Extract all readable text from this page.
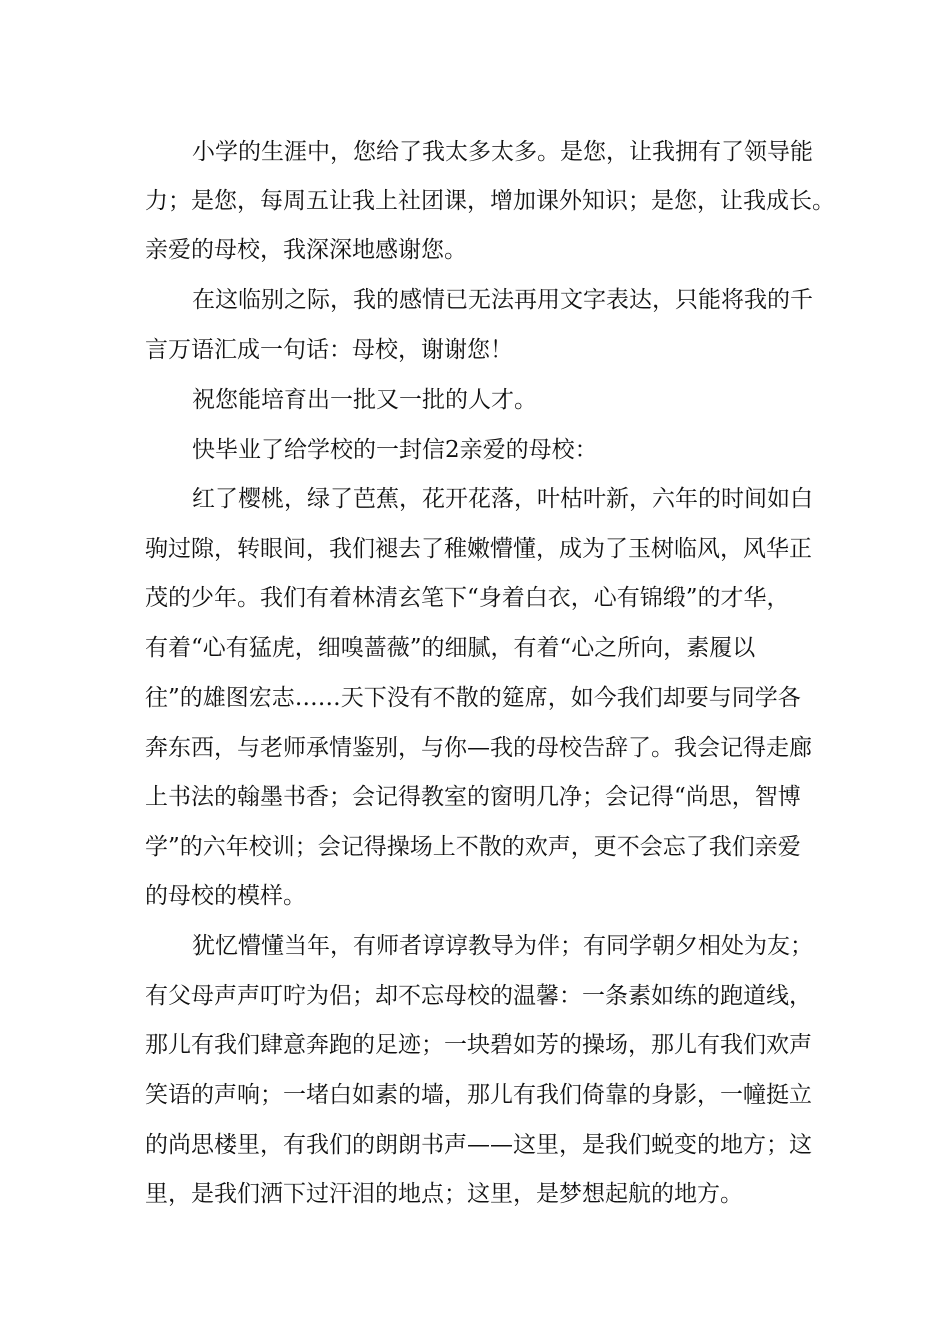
小学的生涯中，您给了我太多太多。是您，让我拥有了领导能

力；是您，每周五让我上社团课，增加课外知识；是您，让我成长。

亲爱的母校，我深深地感谢您。

在这临别之际，我的感情已无法再用文字表达，只能将我的千

言万语汇成一句话：母校，谢谢您！

祝您能培育出一批又一批的人才。

快毕业了给学校的一封信2亲爱的母校：

红了樱桃，绿了芭蕉，花开花落，叶枯叶新，六年的时间如白

驹过隙，转眼间，我们褪去了稚嫩懵懂，成为了玉树临风，风华正

茂的少年。我们有着林清玄笔下“身着白衣，心有锦缎”的才华，

有着“心有猛虎，细嗅蔷薇”的细腻，有着“心之所向，素履以

往”的雄图宏志……天下没有不散的筵席，如今我们却要与同学各

奔东西，与老师承情鉴别，与你—我的母校告辞了。我会记得走廊

上书法的翰墨书香；会记得教室的窗明几净；会记得“尚思，智博

学”的六年校训；会记得操场上不散的欢声，更不会忘了我们亲爱

的母校的模样。

犹忆懵懂当年，有师者谆谆教导为伴；有同学朝夕相处为友；

有父母声声叮咛为侣；却不忘母校的温馨：一条素如练的跑道线，

那儿有我们肆意奔跑的足迹；一块碧如芳的操场，那儿有我们欢声

笑语的声响；一堵白如素的墙，那儿有我们倚靠的身影，一幢挺立

的尚思楼里，有我们的朗朗书声——这里，是我们蜕变的地方；这

里，是我们洒下过汗泪的地点；这里，是梦想起航的地方。
